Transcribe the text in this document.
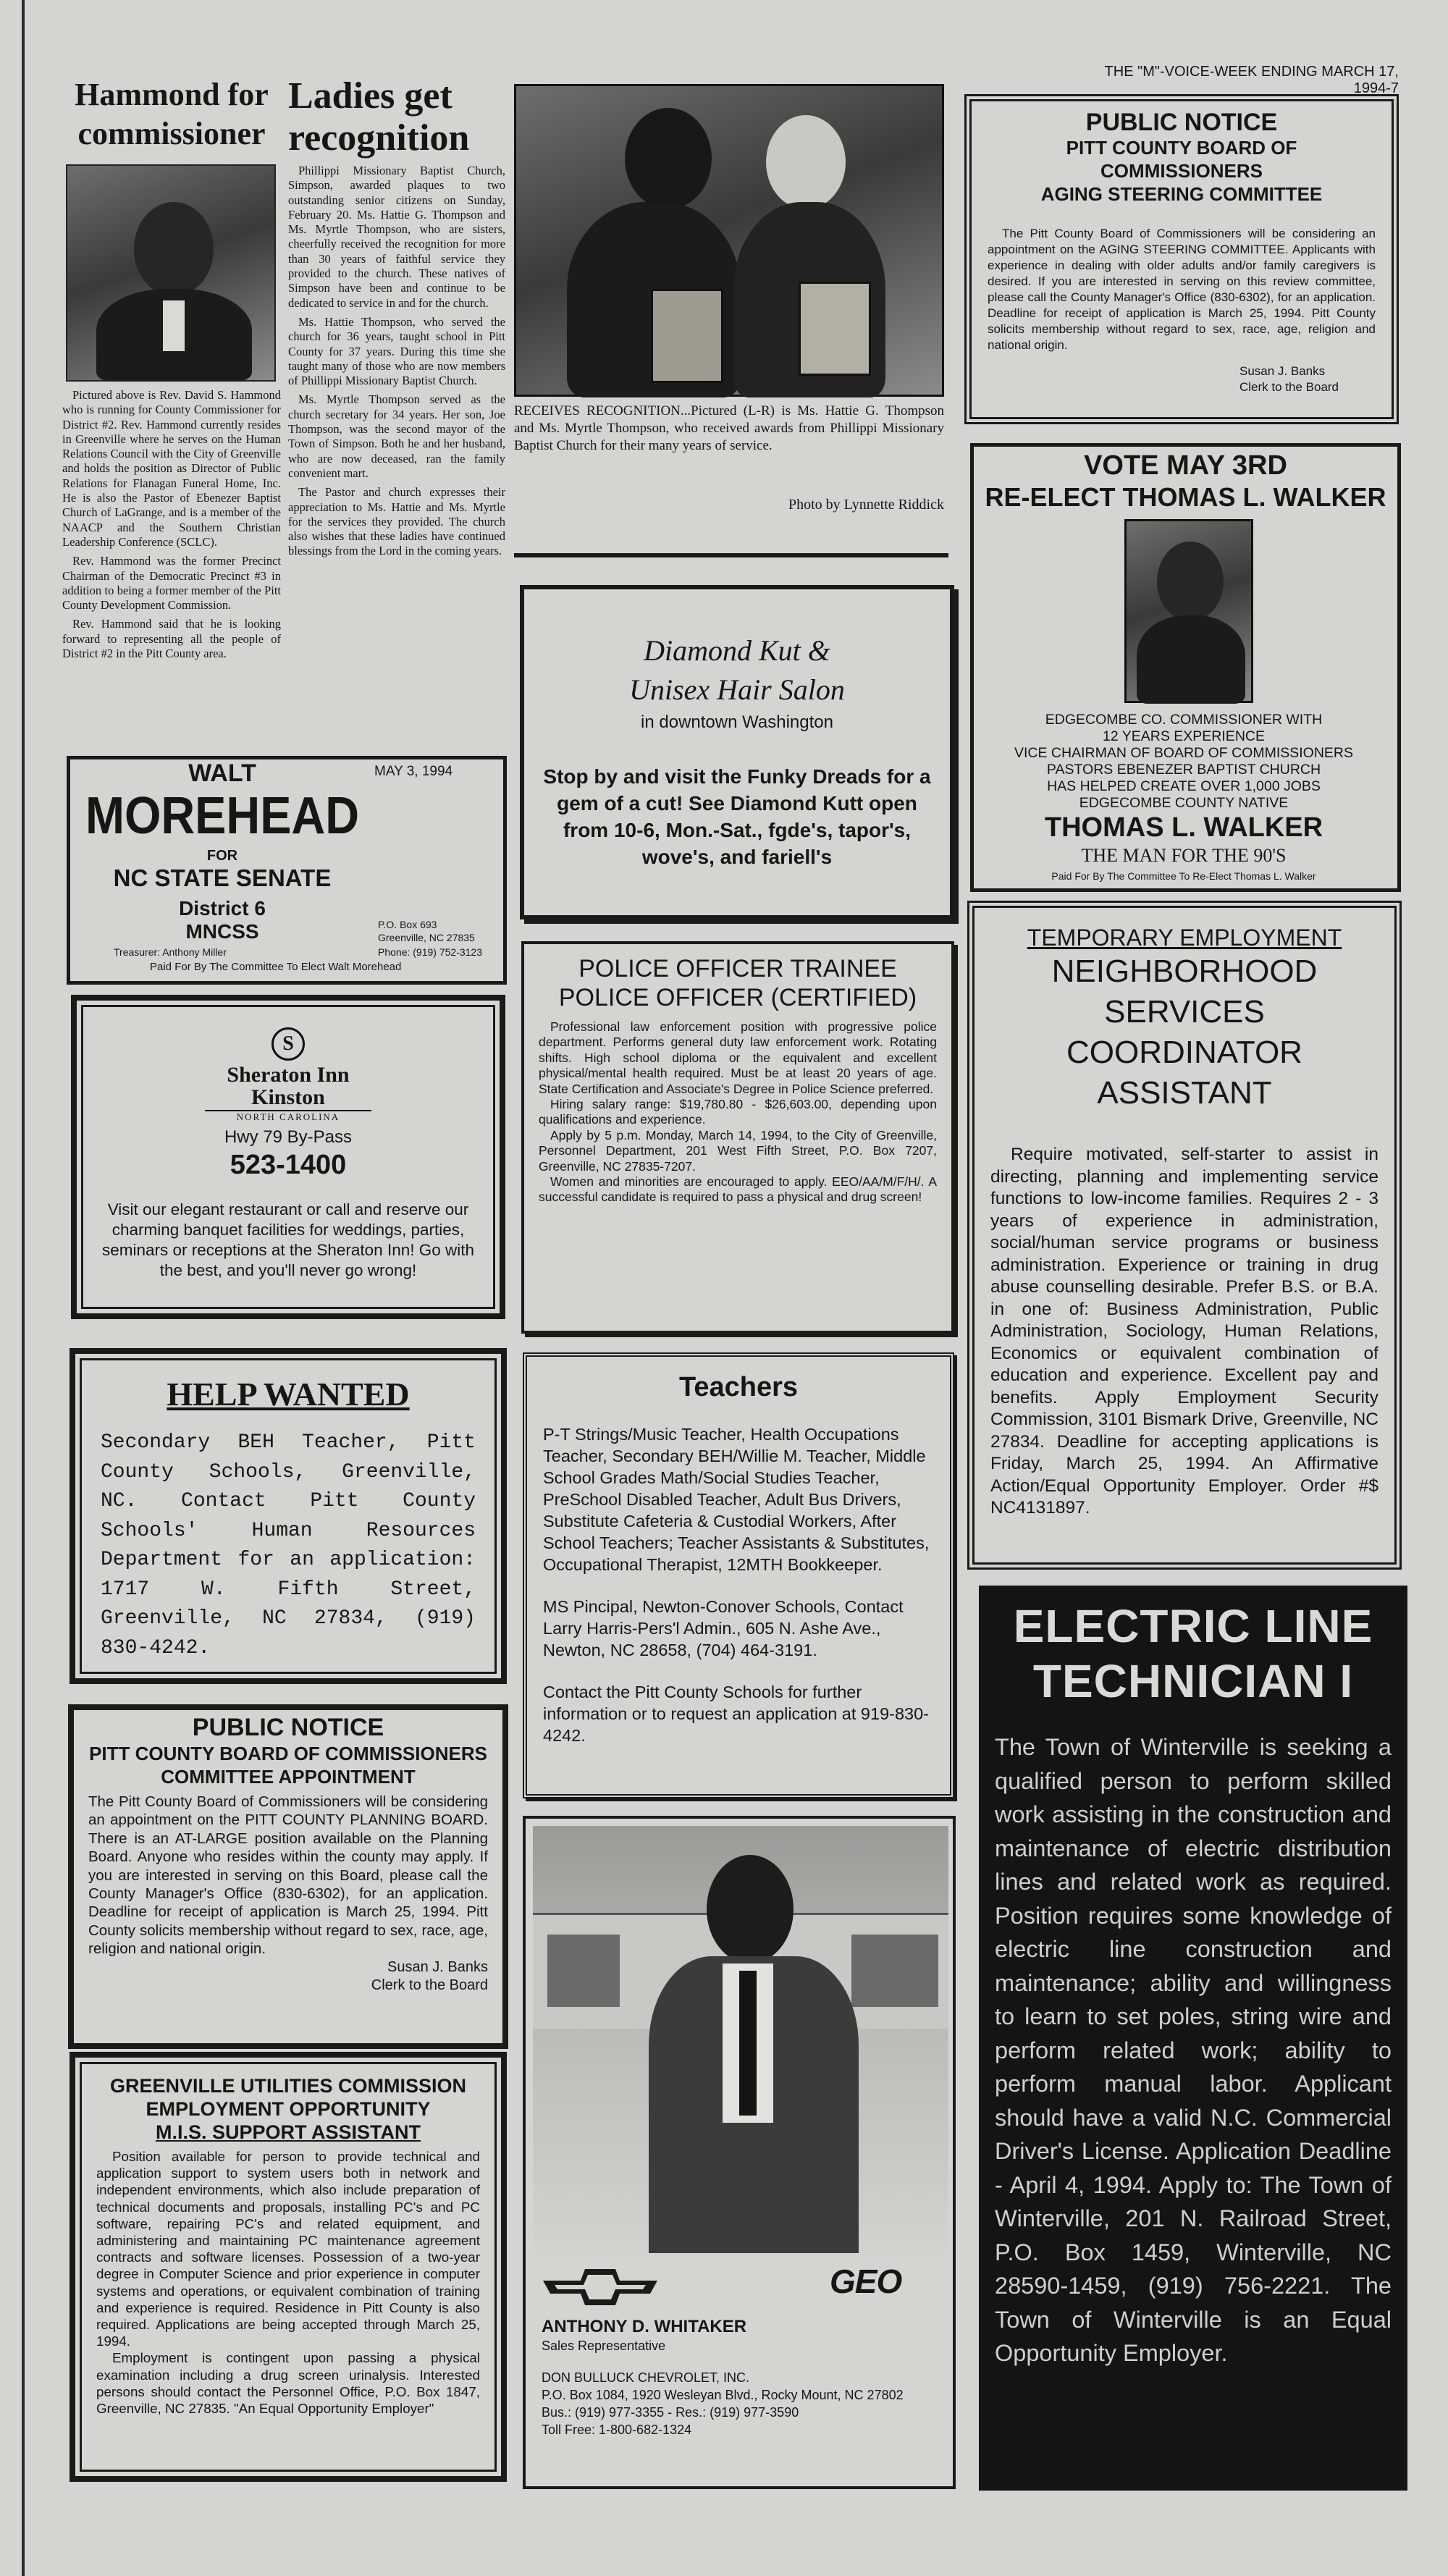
THE "M"-VOICE-WEEK ENDING MARCH 17, 1994-7
Hammond for commissioner

Pictured above is Rev. David S. Hammond who is running for County Commissioner for District #2. Rev. Hammond currently resides in Greenville where he serves on the Human Relations Council with the City of Greenville and holds the position as Director of Public Relations for Flanagan Funeral Home, Inc. He is also the Pastor of Ebenezer Baptist Church of LaGrange, and is a member of the NAACP and the Southern Christian Leadership Conference (SCLC).

Rev. Hammond was the former Precinct Chairman of the Democratic Precinct #3 in addition to being a former member of the Pitt County Development Commission.

Rev. Hammond said that he is looking forward to representing all the people of District #2 in the Pitt County area.

Ladies get recognition

Phillippi Missionary Baptist Church, Simpson, awarded plaques to two outstanding senior citizens on Sunday, February 20. Ms. Hattie G. Thompson and Ms. Myrtle Thompson, who are sisters, cheerfully received the recognition for more than 30 years of faithful service they provided to the church. These natives of Simpson have been and continue to be dedicated to service in and for the church.

Ms. Hattie Thompson, who served the church for 36 years, taught school in Pitt County for 37 years. During this time she taught many of those who are now members of Phillippi Missionary Baptist Church.

Ms. Myrtle Thompson served as the church secretary for 34 years. Her son, Joe Thompson, was the second mayor of the Town of Simpson. Both he and her husband, who are now deceased, ran the family convenient mart.

The Pastor and church expresses their appreciation to Ms. Hattie and Ms. Myrtle for the services they provided. The church also wishes that these ladies have continued blessings from the Lord in the coming years.

RECEIVES RECOGNITION...Pictured (L-R) is Ms. Hattie G. Thompson and Ms. Myrtle Thompson, who received awards from Phillippi Missionary Baptist Church for their many years of service.
Photo by Lynnette Riddick
PUBLIC NOTICE
PITT COUNTY BOARD OF COMMISSIONERS
AGING STEERING COMMITTEE
The Pitt County Board of Commissioners will be considering an appointment on the AGING STEERING COMMITTEE. Applicants with experience in dealing with older adults and/or family caregivers is desired. If you are interested in serving on this review committee, please call the County Manager's Office (830-6302), for an application. Deadline for receipt of application is March 25, 1994. Pitt County solicits membership without regard to sex, race, age, religion and national origin.
Susan J. Banks
Clerk to the Board
VOTE MAY 3RD
RE-ELECT THOMAS L. WALKER
EDGECOMBE CO. COMMISSIONER WITH
12 YEARS EXPERIENCE
VICE CHAIRMAN OF BOARD OF COMMISSIONERS
PASTORS EBENEZER BAPTIST CHURCH
HAS HELPED CREATE OVER 1,000 JOBS
EDGECOMBE COUNTY NATIVE
THOMAS L. WALKER
THE MAN FOR THE 90'S
Paid For By The Committee To Re-Elect Thomas L. Walker
Diamond Kut &
Unisex Hair Salon
in downtown Washington
Stop by and visit the Funky Dreads for a gem of a cut! See Diamond Kutt open from 10-6, Mon.-Sat., fgde's, tapor's, wove's, and fariell's
WALT	MAY 3, 1994
MOREHEAD
FOR
NC STATE SENATE
District 6
MNCSS	P.O. Box 693
Greenville, NC 27835
Treasurer: Anthony Miller	Phone: (919) 752-3123
Paid For By The Committee To Elect Walt Morehead	POLICE OFFICER TRAINEE
POLICE OFFICER (CERTIFIED)

Professional law enforcement position with progressive police department. Performs general duty law enforcement work. Rotating shifts. High school diploma or the equivalent and excellent physical/mental health required. Must be at least 20 years of age. State Certification and Associate's Degree in Police Science preferred.

Hiring salary range: $19,780.80 - $26,603.00, depending upon qualifications and experience.

Apply by 5 p.m. Monday, March 14, 1994, to the City of Greenville, Personnel Department, 201 West Fifth Street, P.O. Box 7207, Greenville, NC 27835-7207.

Women and minorities are encouraged to apply. EEO/AA/M/F/H/. A successful candidate is required to pass a physical and drug screen!

TEMPORARY EMPLOYMENT
NEIGHBORHOOD
SERVICES
COORDINATOR
ASSISTANT
Require motivated, self-starter to assist in directing, planning and implementing service functions to low-income families. Requires 2 - 3 years of experience in administration, social/human service programs or business administration. Experience or training in drug abuse counselling desirable. Prefer B.S. or B.A. in one of: Business Administration, Public Administration, Sociology, Human Relations, Economics or equivalent combination of education and experience. Excellent pay and benefits. Apply Employment Security Commission, 3101 Bismark Drive, Greenville, NC 27834. Deadline for accepting applications is Friday, March 25, 1994. An Affirmative Action/Equal Opportunity Employer. Order #$ NC4131897.
S
Sheraton Inn
Kinston
NORTH CAROLINA
Hwy 79 By-Pass
523-1400
Visit our elegant restaurant or call and reserve our charming banquet facilities for weddings, parties, seminars or receptions at the Sheraton Inn! Go with the best, and you'll never go wrong!
HELP WANTED
Secondary BEH Teacher, Pitt County Schools, Greenville, NC. Contact Pitt County Schools' Human Resources Department for an application: 1717 W. Fifth Street, Greenville, NC 27834, (919) 830-4242.
Teachers

P-T Strings/Music Teacher, Health Occupations Teacher, Secondary BEH/Willie M. Teacher, Middle School Grades Math/Social Studies Teacher, PreSchool Disabled Teacher, Adult Bus Drivers, Substitute Cafeteria & Custodial Workers, After School Teachers; Teacher Assistants & Substitutes, Occupational Therapist, 12MTH Bookkeeper.

MS Pincipal, Newton-Conover Schools, Contact Larry Harris-Pers'l Admin., 605 N. Ashe Ave., Newton, NC 28658, (704) 464-3191.

Contact the Pitt County Schools for further information or to request an application at 919-830-4242.

ELECTRIC LINE
TECHNICIAN I
The Town of Winterville is seeking a qualified person to perform skilled work assisting in the construction and maintenance of electric distribution lines and related work as required. Position requires some knowledge of electric line construction and maintenance; ability and willingness to learn to set poles, string wire and perform related work; ability to perform manual labor. Applicant should have a valid N.C. Commercial Driver's License. Application Deadline - April 4, 1994. Apply to: The Town of Winterville, 201 N. Railroad Street, P.O. Box 1459, Winterville, NC 28590-1459, (919) 756-2221. The Town of Winterville is an Equal Opportunity Employer.
PUBLIC NOTICE
PITT COUNTY BOARD OF COMMISSIONERS
COMMITTEE APPOINTMENT
The Pitt County Board of Commissioners will be considering an appointment on the PITT COUNTY PLANNING BOARD. There is an AT-LARGE position available on the Planning Board. Anyone who resides within the county may apply. If you are interested in serving on this Board, please call the County Manager's Office (830-6302), for an application. Deadline for receipt of application is March 25, 1994. Pitt County solicits membership without regard to sex, race, age, religion and national origin.
Susan J. Banks
Clerk to the Board
GREENVILLE UTILITIES COMMISSION
EMPLOYMENT OPPORTUNITY
M.I.S. SUPPORT ASSISTANT

Position available for person to provide technical and application support to system users both in network and independent environments, which also include preparation of technical documents and proposals, installing PC's and PC software, repairing PC's and related equipment, and administering and maintaining PC maintenance agreement contracts and software licenses. Possession of a two-year degree in Computer Science and prior experience in computer systems and operations, or equivalent combination of training and experience is required. Residence in Pitt County is also required. Applications are being accepted through March 25, 1994.

Employment is contingent upon passing a physical examination including a drug screen urinalysis. Interested persons should contact the Personnel Office, P.O. Box 1847, Greenville, NC 27835. "An Equal Opportunity Employer"

GEO
ANTHONY D. WHITAKER
Sales Representative
DON BULLUCK CHEVROLET, INC.
P.O. Box 1084, 1920 Wesleyan Blvd., Rocky Mount, NC 27802
Bus.: (919) 977-3355 - Res.: (919) 977-3590
Toll Free: 1-800-682-1324
